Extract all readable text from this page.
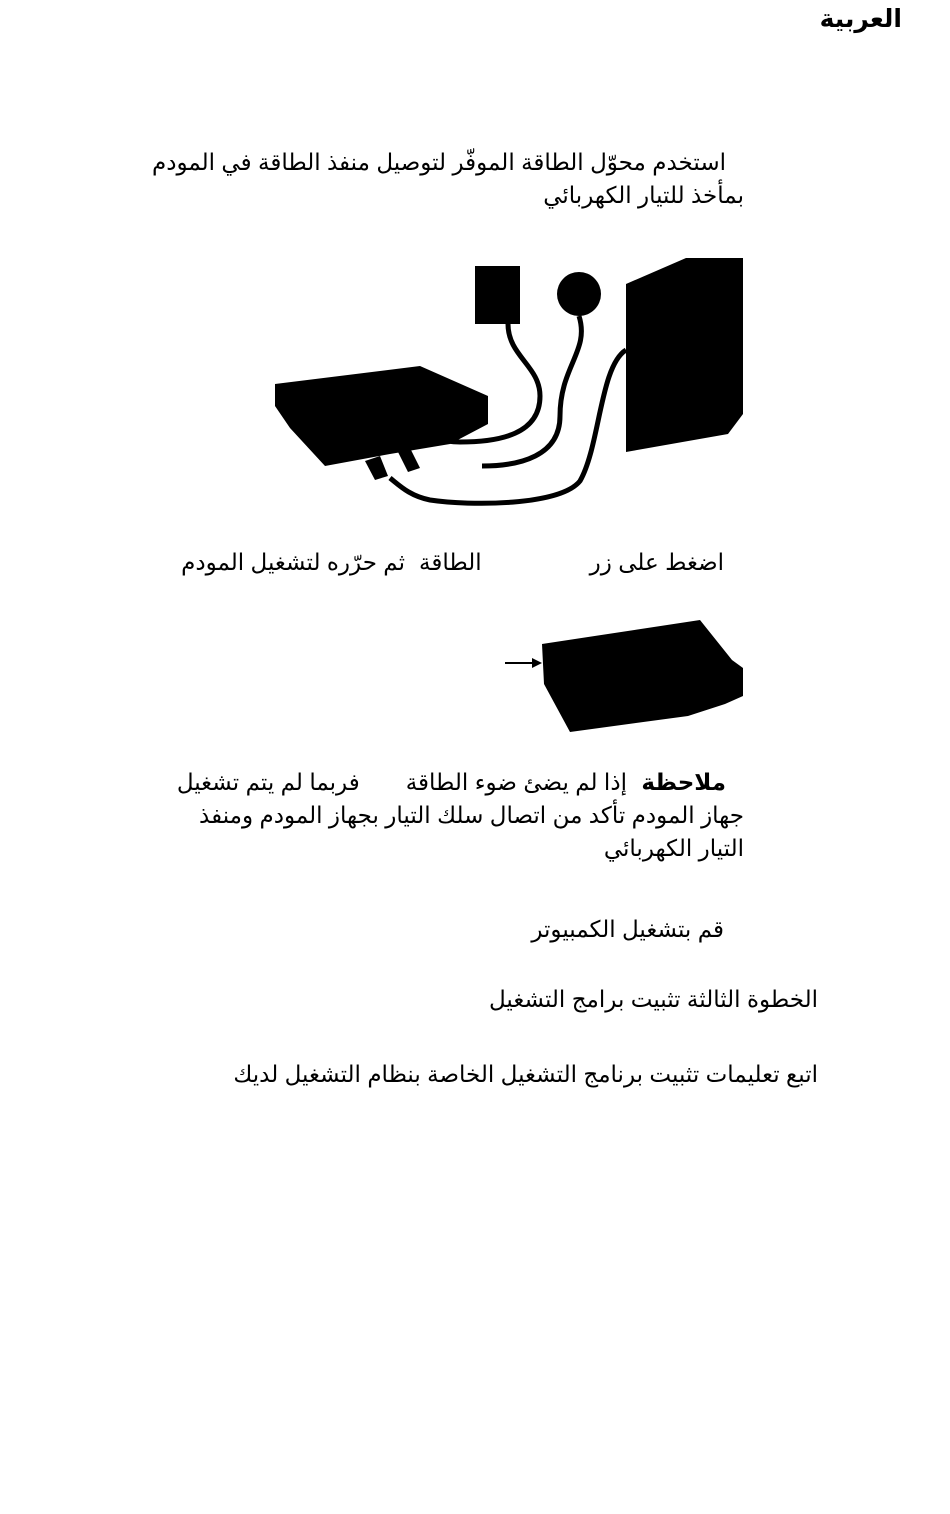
العربية
استخدم محوّل الطاقة الموفّر لتوصيل منفذ الطاقة في المودم
بمأخذ للتيار الكهربائي
اضغط على زرالطاقةثم حرّره لتشغيل المودم
ملاحظة إذا لم يضئ ضوء الطاقةفربما لم يتم تشغيل
جهاز المودم تأكد من اتصال سلك التيار بجهاز المودم ومنفذ
التيار الكهربائي
قم بتشغيل الكمبيوتر
الخطوة الثالثة تثبيت برامج التشغيل
اتبع تعليمات تثبيت برنامج التشغيل الخاصة بنظام التشغيل لديك
